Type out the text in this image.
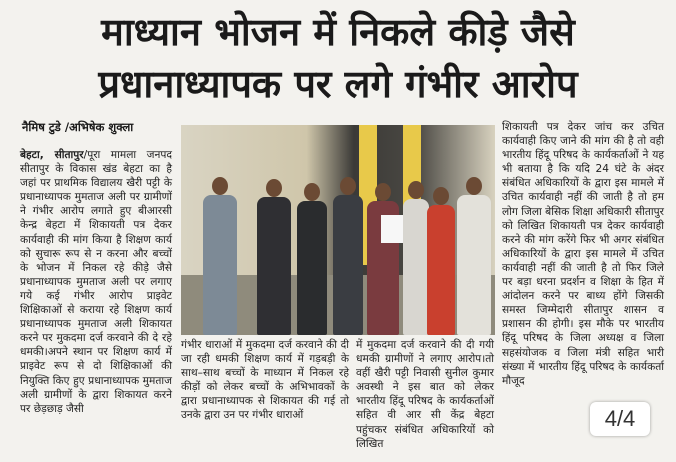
माध्यान भोजन में निकले कीड़े जैसे
प्रधानाध्यापक पर लगे गंभीर आरोप
नैमिष टुडे /अभिषेक शुक्ला
बेहटा, सीतापुर/पूरा मामला जनपद सीतापुर के विकास खंड बेहटा का है जहां पर प्राथमिक विद्यालय खैरी पट्टी के प्रधानाध्यापक मुमताज अली पर ग्रामीणों ने गंभीर आरोप लगाते हुए बीआरसी केन्द्र बेहटा में शिकायती पत्र देकर कार्यवाही की मांग किया है शिक्षण कार्य को सुचारू रूप से न करना और बच्चों के भोजन में निकल रहे कीड़े जैसे प्रधानाध्यापक मुमताज अली पर लगाए गये कई गंभीर आरोप प्राइवेट शिक्षिकाओं से कराया रहे शिक्षण कार्य प्रधानाध्यापक मुमताज अली शिकायत करने पर मुकदमा दर्ज करवाने की दे रहे धमकी।अपने स्थान पर शिक्षण कार्य में प्राइवेट रूप से दो शिक्षिकाओं की नियुक्ति किए हुए प्रधानाध्यापक मुमताज अली ग्रामीणों के द्वारा शिकायत करने पर छेड़छाड़ जैसी
गंभीर धाराओं में मुकदमा दर्ज करवाने की दी जा रही धमकी शिक्षण कार्य में गड़बड़ी के साथ–साथ बच्चों के माध्यान में निकल रहे कीड़ों को लेकर बच्चों के अभिभावकों के द्वारा प्रधानाध्यापक से शिकायत की गई तो उनके द्वारा उन पर गंभीर धाराओं
में मुकदमा दर्ज करवाने की दी गयी धमकी ग्रामीणों ने लगाए आरोप।तो वहीं खैरी पट्टी निवासी सुनील कुमार अवस्थी ने इस बात को लेकर भारतीय हिंदू परिषद के कार्यकर्ताओं सहित वी आर सी केंद्र बेहटा पहुंचकर संबंधित अधिकारियों को लिखित
शिकायती पत्र देकर जांच कर उचित कार्यवाही किए जाने की मांग की है तो वही भारतीय हिंदू परिषद के कार्यकर्ताओं ने यह भी बताया है कि यदि 24 घंटे के अंदर संबंधित अधिकारियों के द्वारा इस मामले में उचित कार्यवाही नहीं की जाती है तो हम लोग जिला बेसिक शिक्षा अधिकारी सीतापुर को लिखित शिकायती पत्र देकर कार्यवाही करने की मांग करेंगे फिर भी अगर संबंधित अधिकारियों के द्वारा इस मामले में उचित कार्यवाही नहीं की जाती है तो फिर जिले पर बड़ा धरना प्रदर्शन व शिक्षा के हित में आंदोलन करने पर बाध्य होंगे जिसकी समस्त जिम्मेदारी सीतापुर शासन व प्रशासन की होगी। इस मौके पर भारतीय हिंदू परिषद के जिला अध्यक्ष व जिला सहसंयोजक व जिला मंत्री सहित भारी संख्या में भारतीय हिंदू परिषद के कार्यकर्ता मौजूद
4/4
